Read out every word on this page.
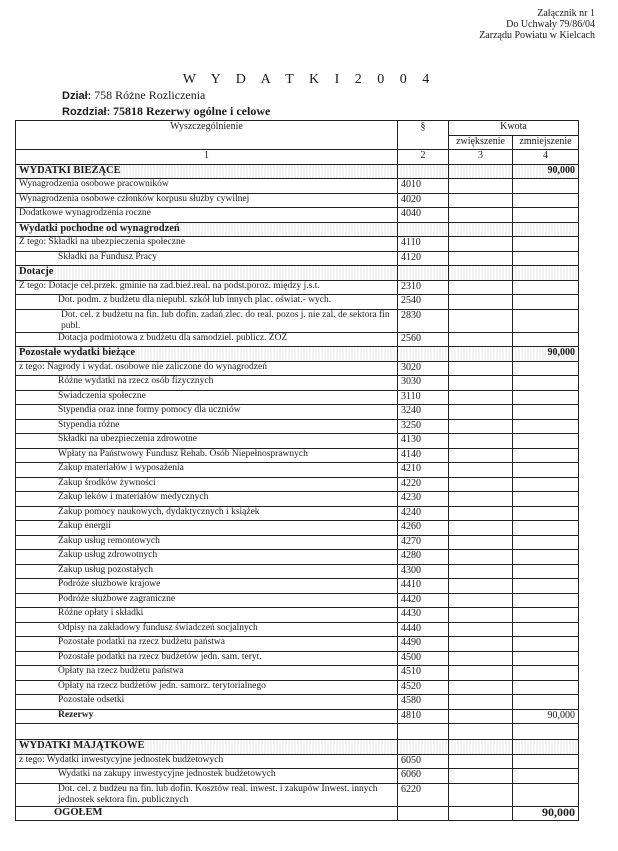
Załącznik nr 1
Do Uchwały 79/86/04
Zarządu Powiatu w Kielcach
W Y D A T K I 2 0 0 4
Dział: 758 Różne Rozliczenia
Rozdział: 75818 Rezerwy ogólne i celowe
Wyszczególnienie	§	Kwota	
		zwiększenie	zmniejszenie
1	2	3	4
WYDATKI BIEŻĄCE			90,000
Wynagrodzenia osobowe pracowników	4010		
Wynagrodzenia osobowe członków korpusu służby cywilnej	4020		
Dodatkowe wynagrodzenia roczne	4040		
Wydatki pochodne od wynagrodzeń			
Z tego: Składki na ubezpieczenia społeczne	4110		
Składki na Fundusz Pracy	4120		
Dotacje			
Z tego: Dotacje cel.przek. gminie na zad.bież.real. na podst.poroz. między j.s.t.	2310		
Dot. podm. z budżetu dla niepubl. szkół lub innych plac. oświat.- wych.	2540		
Dot. cel. z budżetu na fin. lub dofin. zadań zlec. do real. pozos j. nie zal. de sektora fin publ.	2830		
Dotacja podmiotowa z budżetu dla samodziel. publicz. ZOZ	2560		
Pozostałe wydatki bieżące			90,000
z tego: Nagrody i wydat. osobowe nie zaliczone do wynagrodzeń	3020		
Różne wydatki na rzecz osób fizycznych	3030		
Świadczenia społeczne	3110		
Stypendia oraz inne formy pomocy dla uczniów	3240		
Stypendia różne	3250		
Składki na ubezpieczenia zdrowotne	4130		
Wpłaty na Państwowy Fundusz Rehab. Osób Niepełnosprawnych	4140		
Zakup materiałów i wyposażenia	4210		
Zakup środków żywności	4220		
Zakup leków i materiałów medycznych	4230		
Zakup pomocy naukowych, dydaktycznych i książek	4240		
Zakup energii	4260		
Zakup usług remontowych	4270		
Zakup usług zdrowotnych	4280		
Zakup usług pozostałych	4300		
Podróże służbowe krajowe	4410		
Podróże służbowe zagraniczne	4420		
Różne opłaty i składki	4430		
Odpisy na zakładowy fundusz świadczeń socjalnych	4440		
Pozostałe podatki na rzecz budżetu państwa	4490		
Pozostałe podatki na rzecz budżetów jedn. sam. teryt.	4500		
Opłaty na rzecz budżetu państwa	4510		
Opłaty na rzecz budżetów jedn. samorz. terytorialnego	4520		
Pozostałe odsetki	4580		
Rezerwy	4810		90,000

WYDATKI MAJĄTKOWE			
z tego: Wydatki inwestycyjne jednostek budżetowych	6050		
Wydatki na zakupy inwestycyjne jednostek budżetowych	6060		
Dot. cel. z budżeu na fin. lub dofin. Kosztów real. inwest. i zakupów Inwest. innych jednostek sektora fin. publicznych	6220		
OGÓŁEM			90,000
